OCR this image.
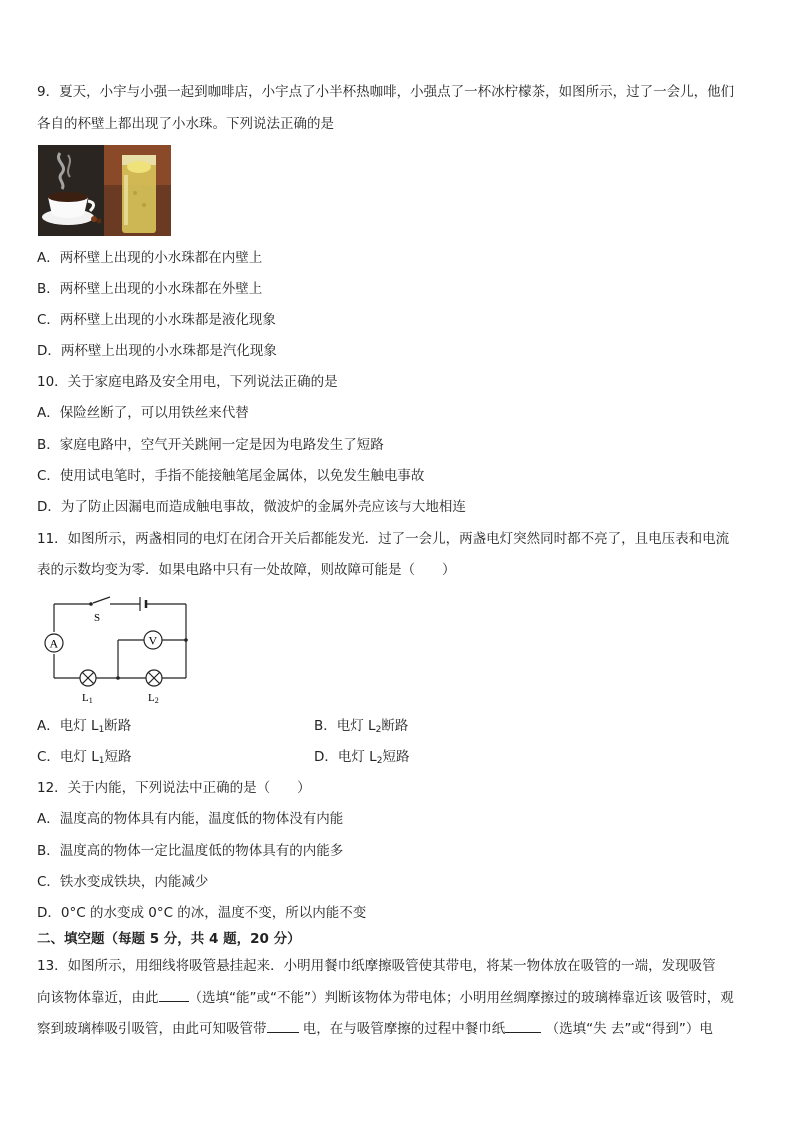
9．夏天，小宇与小强一起到咖啡店，小宇点了小半杯热咖啡，小强点了一杯冰柠檬茶，如图所示，过了一会儿，他们
各自的杯壁上都出现了小水珠。下列说法正确的是
A．两杯壁上出现的小水珠都在内壁上
B．两杯壁上出现的小水珠都在外壁上
C．两杯壁上出现的小水珠都是液化现象
D．两杯壁上出现的小水珠都是汽化现象
10．关于家庭电路及安全用电，下列说法正确的是
A．保险丝断了，可以用铁丝来代替
B．家庭电路中，空气开关跳闸一定是因为电路发生了短路
C．使用试电笔时，手指不能接触笔尾金属体，以免发生触电事故
D．为了防止因漏电而造成触电事故，微波炉的金属外壳应该与大地相连
11．如图所示，两盏相同的电灯在闭合开关后都能发光．过了一会儿，两盏电灯突然同时都不亮了，且电压表和电流
表的示数均变为零．如果电路中只有一处故障，则故障可能是（　　）
A	V
S
L1	L2
A．电灯 $L_1$断路	B．电灯 $L_2$断路
C．电灯 $L_1$短路	D．电灯 $L_2$短路
12．关于内能，下列说法中正确的是（　　）
A．温度高的物体具有内能，温度低的物体没有内能
B．温度高的物体一定比温度低的物体具有的内能多
C．铁水变成铁块，内能减少
D．0°C 的水变成 0°C 的冰，温度不变，所以内能不变
二、填空题（每题 5 分，共 4 题，20 分）
13．如图所示，用细线将吸管悬挂起来．小明用餐巾纸摩擦吸管使其带电，将某一物体放在吸管的一端，发现吸管
向该物体靠近，由此 （选填“能”或“不能”）判断该物体为带电体；小明用丝绸摩擦过的玻璃棒靠近该 吸管时，观
察到玻璃棒吸引吸管，由此可知吸管带 电，在与吸管摩擦的过程中餐巾纸	（选填“失 去”或“得到”）电
